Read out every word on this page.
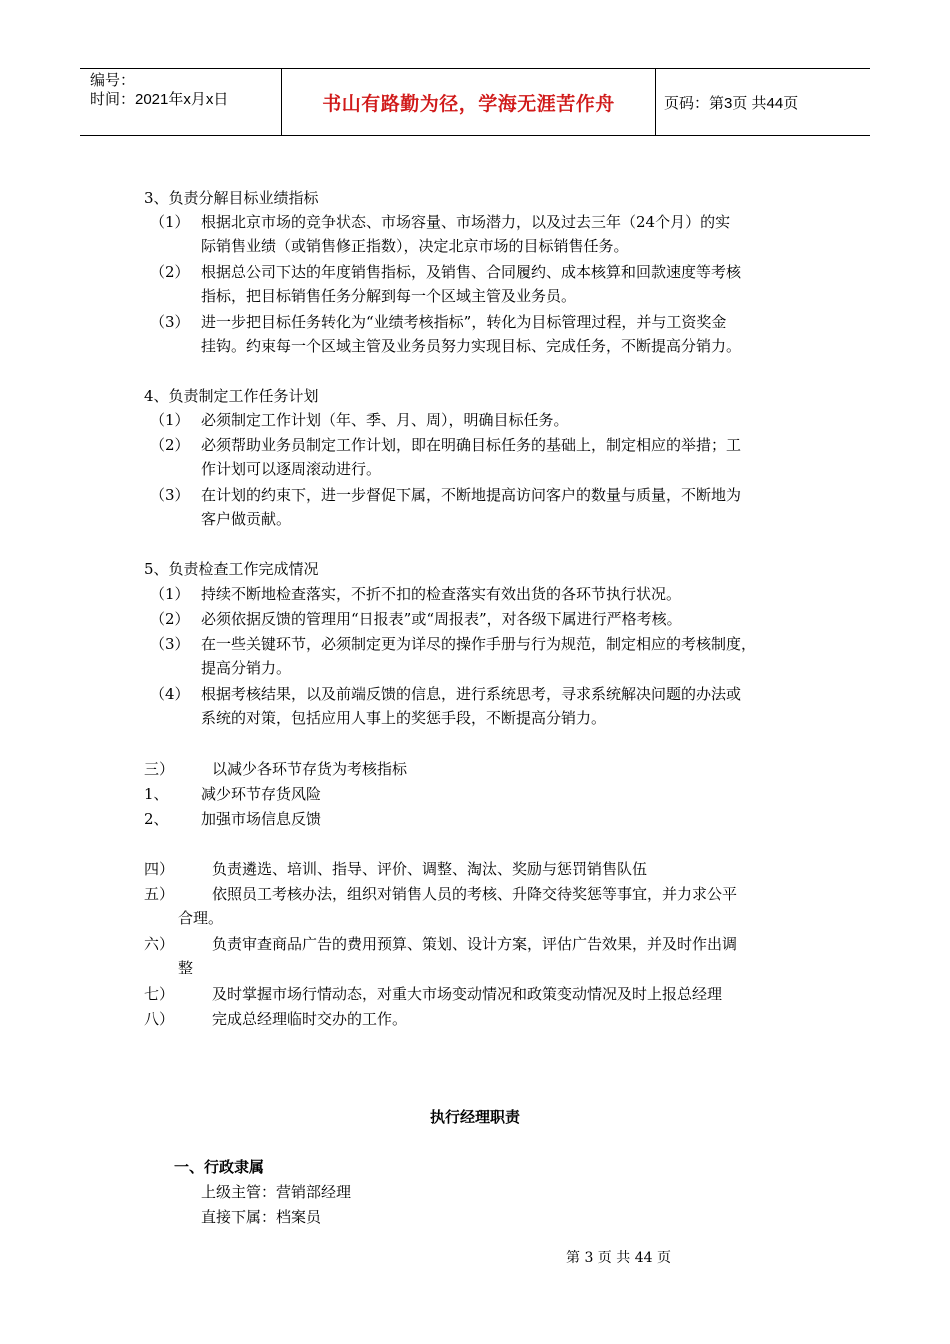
编号：
时间：2021年x月x日	书山有路勤为径，学海无涯苦作舟	页码：第3页 共44页
3、负责分解目标业绩指标
（1） 根据北京市场的竞争状态、市场容量、市场潜力，以及过去三年（24个月）的实
际销售业绩（或销售修正指数），决定北京市场的目标销售任务。
（2） 根据总公司下达的年度销售指标，及销售、合同履约、成本核算和回款速度等考核
指标，把目标销售任务分解到每一个区域主管及业务员。
（3） 进一步把目标任务转化为“业绩考核指标”，转化为目标管理过程，并与工资奖金
挂钩。约束每一个区域主管及业务员努力实现目标、完成任务，不断提高分销力。
4、负责制定工作任务计划
（1） 必须制定工作计划（年、季、月、周），明确目标任务。
（2） 必须帮助业务员制定工作计划，即在明确目标任务的基础上，制定相应的举措；工
作计划可以逐周滚动进行。
（3） 在计划的约束下，进一步督促下属，不断地提高访问客户的数量与质量，不断地为
客户做贡献。
5、负责检查工作完成情况
（1） 持续不断地检查落实，不折不扣的检查落实有效出货的各环节执行状况。
（2） 必须依据反馈的管理用“日报表”或“周报表”，对各级下属进行严格考核。
（3） 在一些关键环节，必须制定更为详尽的操作手册与行为规范，制定相应的考核制度，
提高分销力。
（4） 根据考核结果，以及前端反馈的信息，进行系统思考，寻求系统解决问题的办法或
系统的对策，包括应用人事上的奖惩手段，不断提高分销力。
三）	以减少各环节存货为考核指标
1、 减少环节存货风险
2、 加强市场信息反馈
四）	负责遴选、培训、指导、评价、调整、淘汰、奖励与惩罚销售队伍
五）	依照员工考核办法，组织对销售人员的考核、升降交待奖惩等事宜，并力求公平
合理。
六）	负责审查商品广告的费用预算、策划、设计方案，评估广告效果，并及时作出调
整
七）	及时掌握市场行情动态，对重大市场变动情况和政策变动情况及时上报总经理
八）	完成总经理临时交办的工作。
执行经理职责
一、行政隶属
上级主管：营销部经理
直接下属：档案员
第 3 页 共 44 页
